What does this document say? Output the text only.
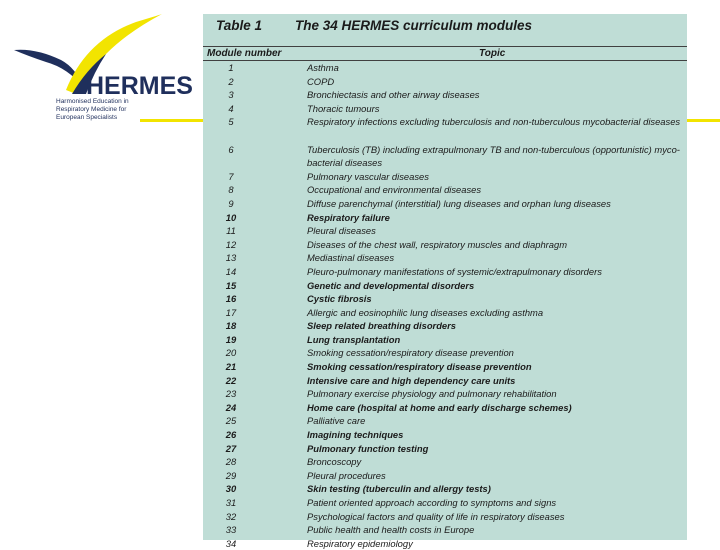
HERMES
Harmonised Education in
Respiratory Medicine for
European Specialists
Table 1 The 34 HERMES curriculum modules
Module number	Topic
1	Asthma
2	COPD
3	Bronchiectasis and other airway diseases
4	Thoracic tumours
5	Respiratory infections excluding tuberculosis and non-tuberculous mycobacterial diseases
6	Tuberculosis (TB) including extrapulmonary TB and non-tuberculous (opportunistic) myco-bacterial diseases
7	Pulmonary vascular diseases
8	Occupational and environmental diseases
9	Diffuse parenchymal (interstitial) lung diseases and orphan lung diseases
10	Respiratory failure
11	Pleural diseases
12	Diseases of the chest wall, respiratory muscles and diaphragm
13	Mediastinal diseases
14	Pleuro-pulmonary manifestations of systemic/extrapulmonary disorders
15	Genetic and developmental disorders
16	Cystic fibrosis
17	Allergic and eosinophilic lung diseases excluding asthma
18	Sleep related breathing disorders
19	Lung transplantation
20	Smoking cessation/respiratory disease prevention
21	Smoking cessation/respiratory disease prevention
22	Intensive care and high dependency care units
23	Pulmonary exercise physiology and pulmonary rehabilitation
24	Home care (hospital at home and early discharge schemes)
25	Palliative care
26	Imagining techniques
27	Pulmonary function testing
28	Broncoscopy
29	Pleural procedures
30	Skin testing (tuberculin and allergy tests)
31	Patient oriented approach according to symptoms and signs
32	Psychological factors and quality of life in respiratory diseases
33	Public health and health costs in Europe
34	Respiratory epidemiology
